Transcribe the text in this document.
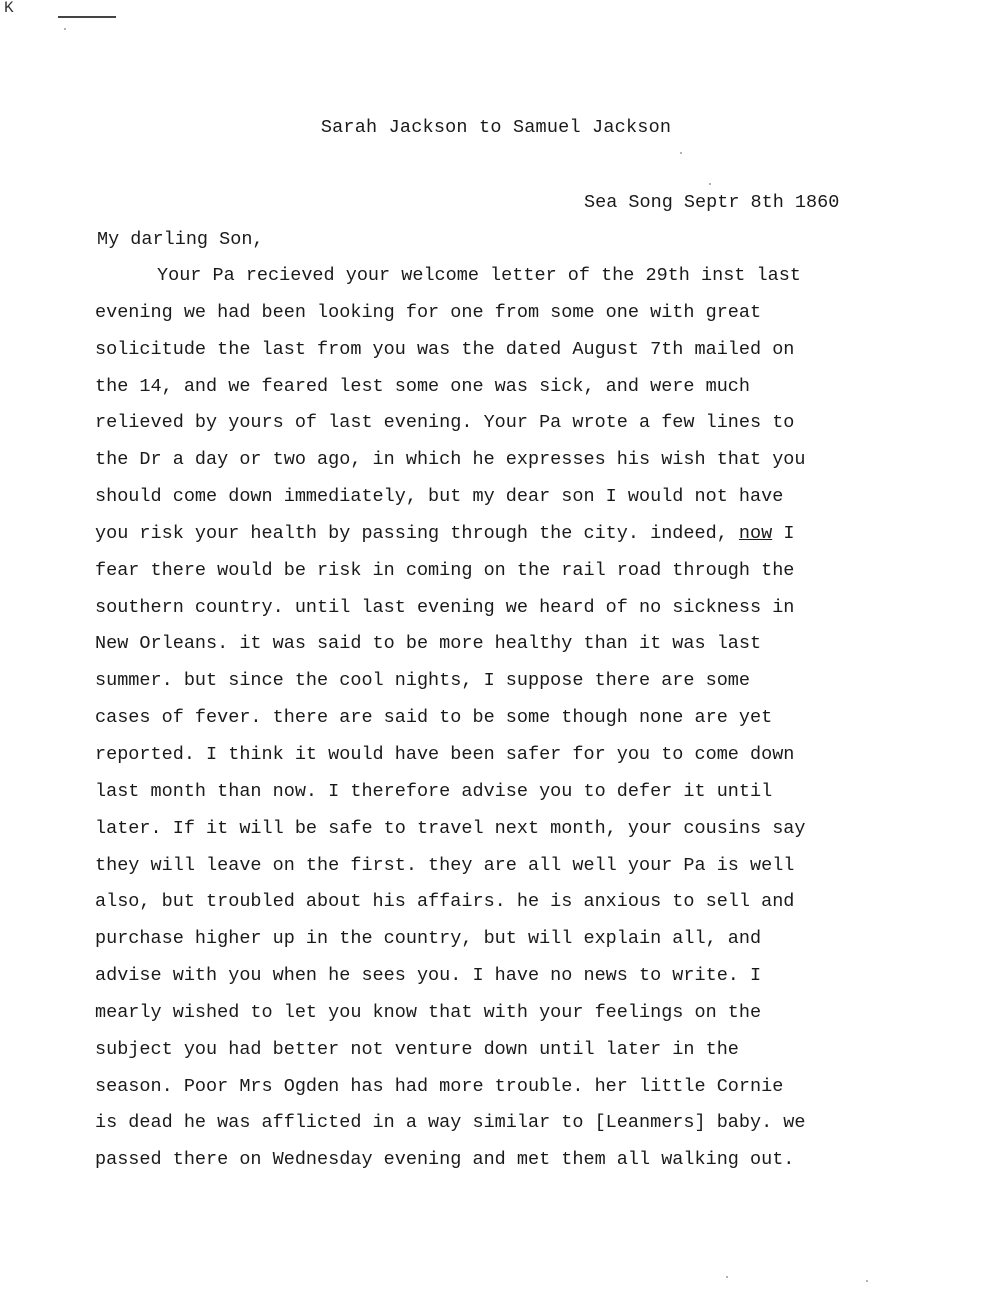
K
Sarah Jackson to Samuel Jackson
Sea Song Septr 8th 1860
My darling Son,
Your Pa recieved your welcome letter of the 29th inst last
evening we had been looking for one from some one with great
solicitude the last from you was the dated August 7th mailed on
the 14, and we feared lest some one was sick, and were much
relieved by yours of last evening. Your Pa wrote a few lines to
the Dr a day or two ago, in which he expresses his wish that you
should come down immediately, but my dear son I would not have
you risk your health by passing through the city. indeed, now I
fear there would be risk in coming on the rail road through the
southern country. until last evening we heard of no sickness in
New Orleans. it was said to be more healthy than it was last
summer. but since the cool nights, I suppose there are some
cases of fever. there are said to be some though none are yet
reported. I think it would have been safer for you to come down
last month than now. I therefore advise you to defer it until
later. If it will be safe to travel next month, your cousins say
they will leave on the first. they are all well your Pa is well
also, but troubled about his affairs. he is anxious to sell and
purchase higher up in the country, but will explain all, and
advise with you when he sees you. I have no news to write. I
mearly wished to let you know that with your feelings on the
subject you had better not venture down until later in the
season. Poor Mrs Ogden has had more trouble. her little Cornie
is dead he was afflicted in a way similar to [Leanmers] baby. we
passed there on Wednesday evening and met them all walking out.
